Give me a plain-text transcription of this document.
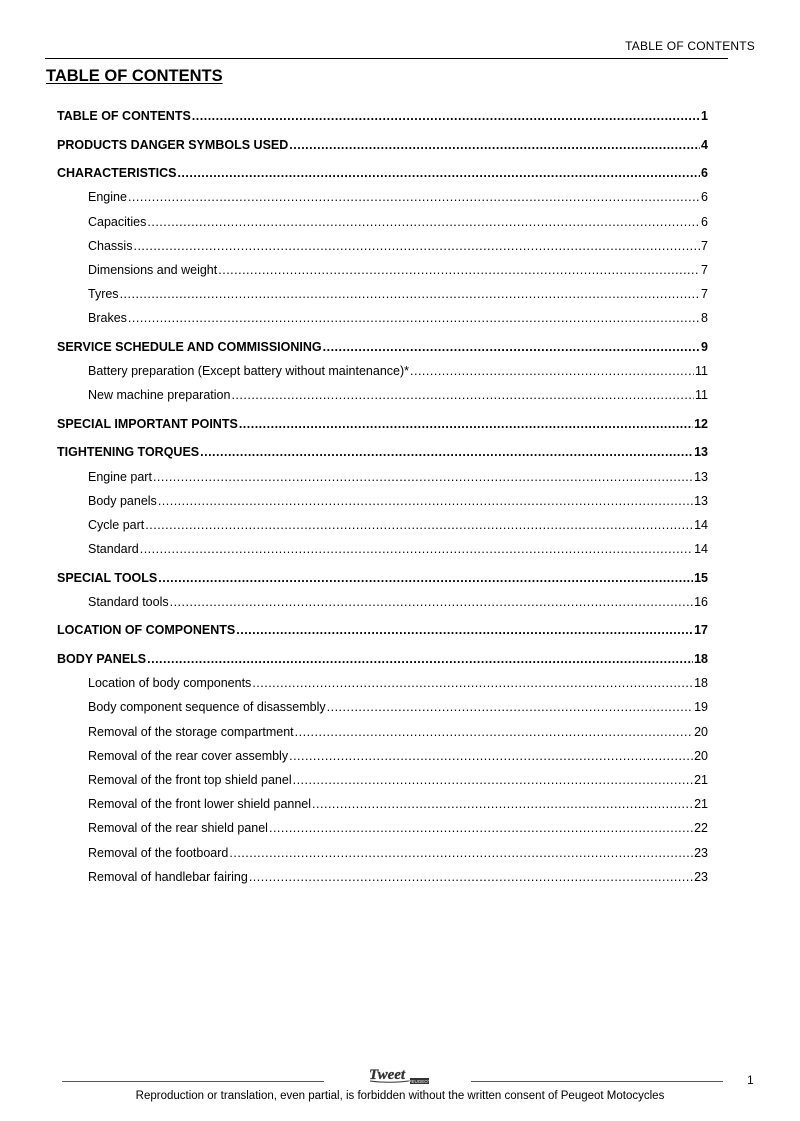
TABLE OF CONTENTS
TABLE OF CONTENTS
TABLE OF CONTENTS .....	1
PRODUCTS DANGER SYMBOLS USED .....	4
CHARACTERISTICS .....	6
Engine .....	6
Capacities .....	6
Chassis .....	7
Dimensions and weight .....	7
Tyres .....	7
Brakes .....	8
SERVICE SCHEDULE AND COMMISSIONING .....	9
Battery preparation (Except battery without maintenance)* .....	11
New machine preparation .....	11
SPECIAL IMPORTANT POINTS .....	12
TIGHTENING TORQUES .....	13
Engine part .....	13
Body panels .....	13
Cycle part .....	14
Standard .....	14
SPECIAL TOOLS .....	15
Standard tools .....	16
LOCATION OF COMPONENTS .....	17
BODY PANELS .....	18
Location of body components .....	18
Body component sequence of disassembly .....	19
Removal of the storage compartment .....	20
Removal of the rear cover assembly .....	20
Removal of the front top shield panel .....	21
Removal of the front lower shield pannel .....	21
Removal of the rear shield panel .....	22
Removal of the footboard .....	23
Removal of handlebar fairing .....	23
Tweet PEUGEOT	1
Reproduction or translation, even partial, is forbidden without the written consent of Peugeot Motocycles
